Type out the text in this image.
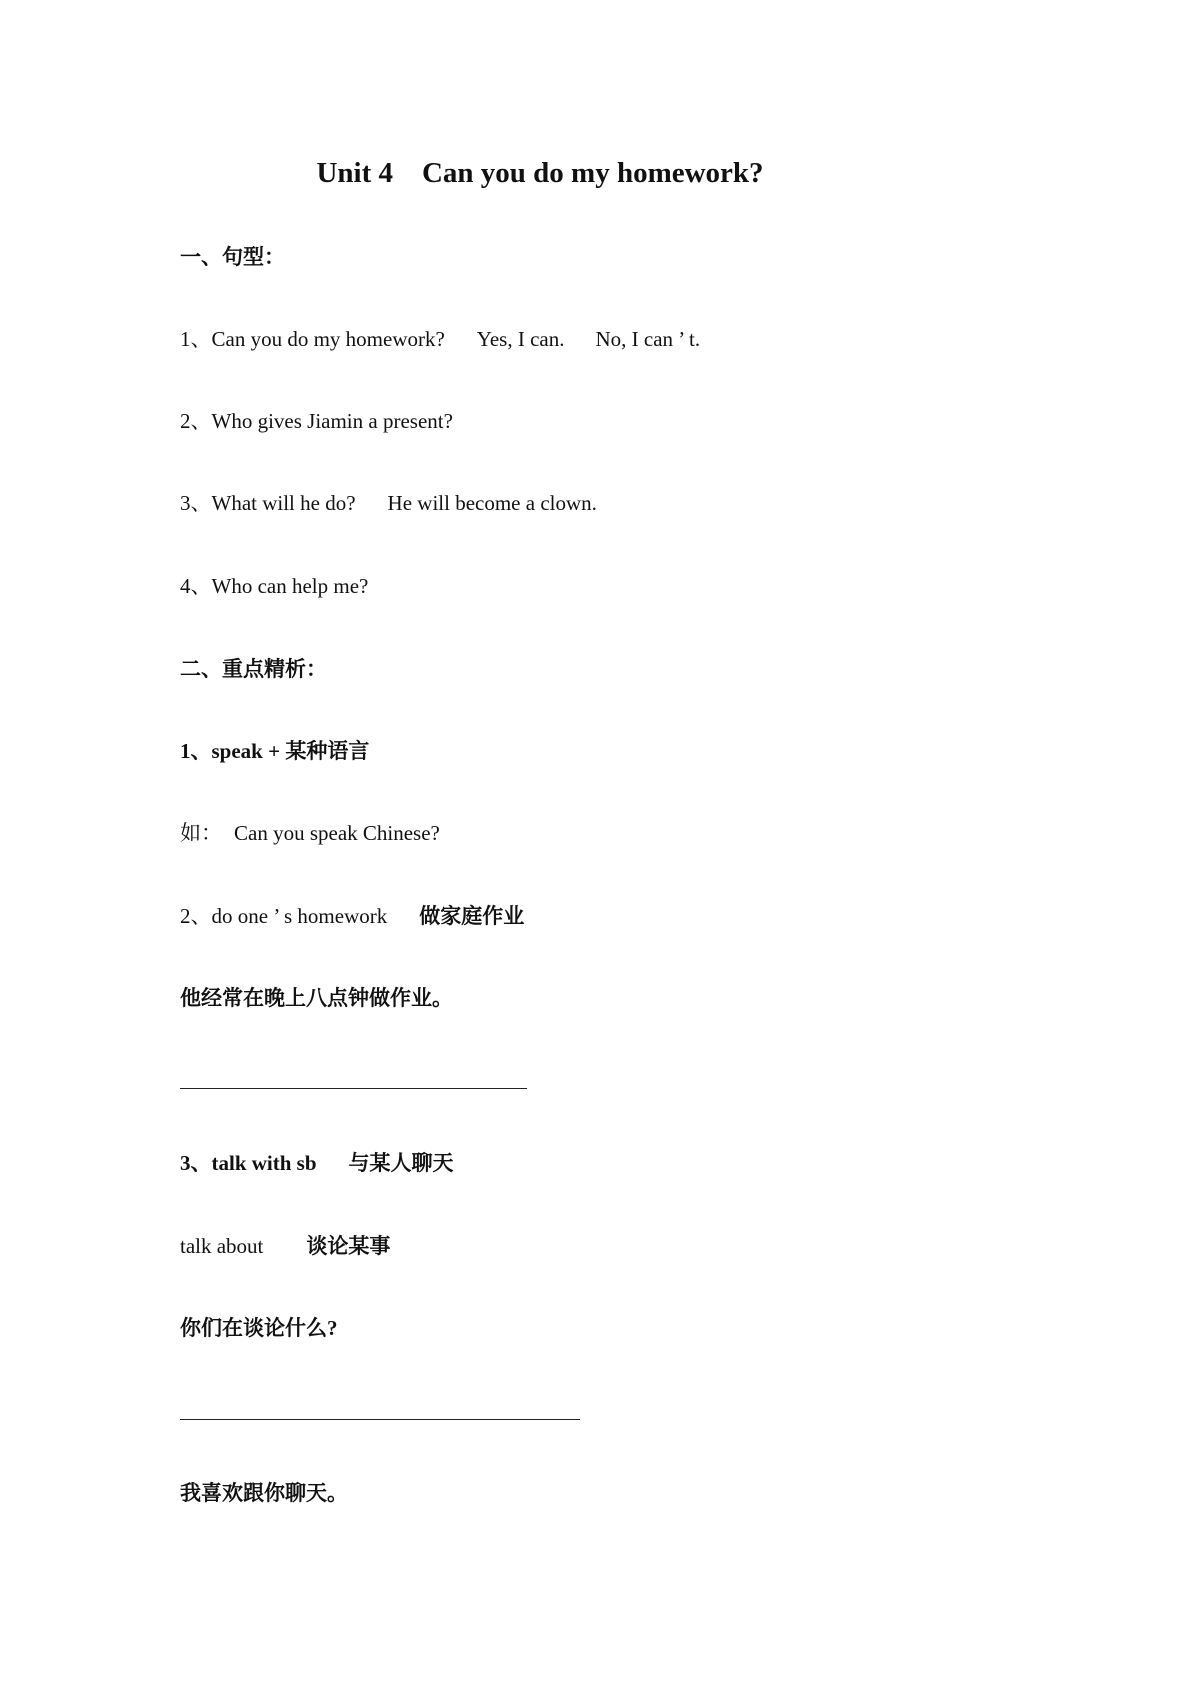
Unit 4    Can you do my homework?
一、句型：
1、Can you do my homework? Yes, I can. No, I can ’ t.
2、Who gives Jiamin a present?
3、What will he do? He will become a clown.
4、Who can help me?
二、重点精析：
1、speak + 某种语言
如： Can you speak Chinese?
2、do one ’ s homework 做家庭作业
他经常在晚上八点钟做作业。
3、talk with sb 与某人聊天
talk about 谈论某事
你们在谈论什么?
我喜欢跟你聊天。
